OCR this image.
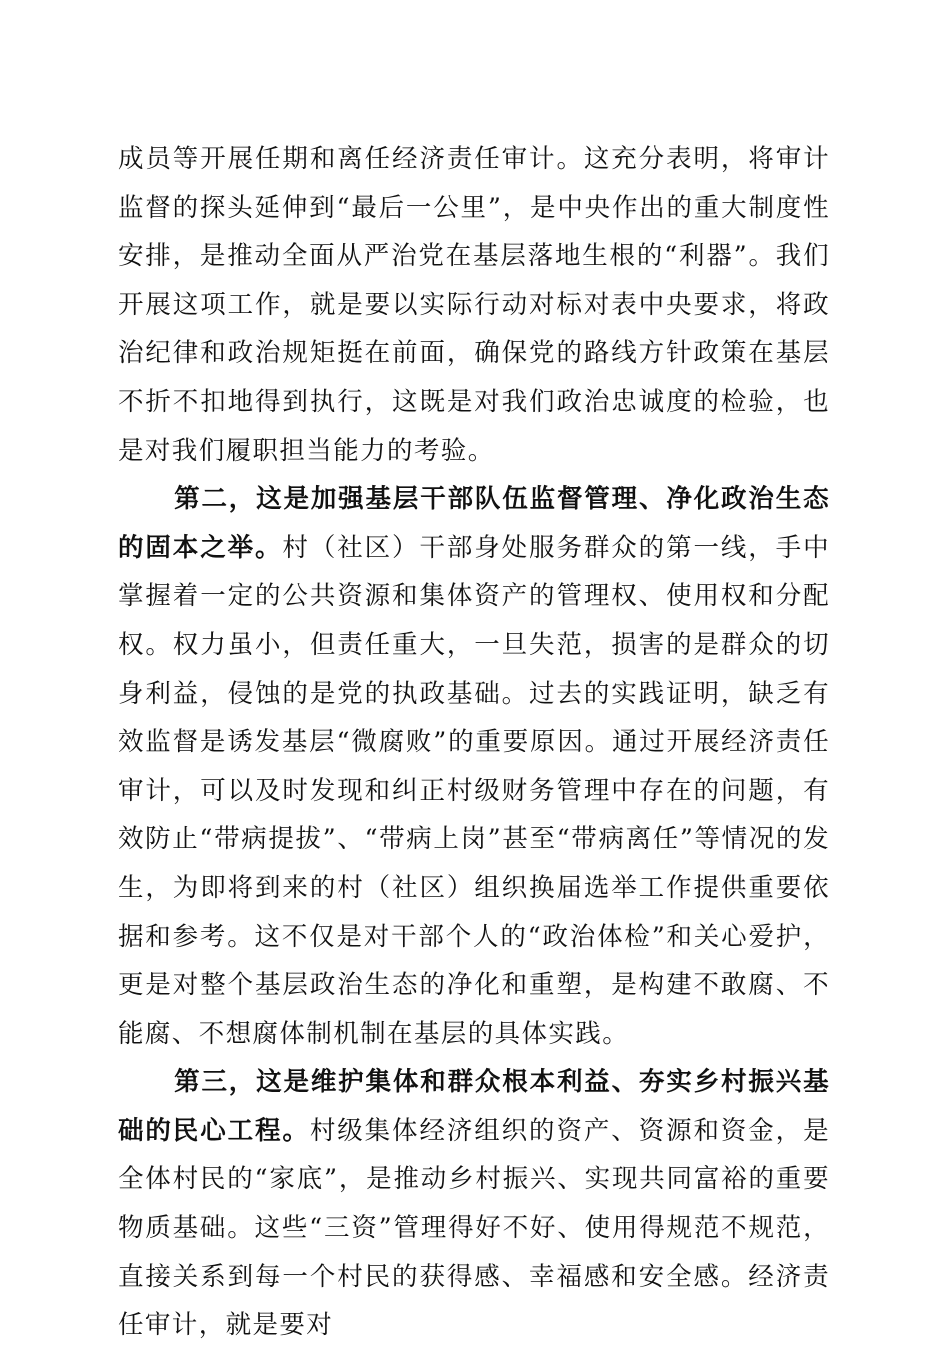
成员等开展任期和离任经济责任审计。这充分表明，将审计监督的探头延伸到“最后一公里”，是中央作出的重大制度性安排，是推动全面从严治党在基层落地生根的“利器”。我们开展这项工作，就是要以实际行动对标对表中央要求，将政治纪律和政治规矩挺在前面，确保党的路线方针政策在基层不折不扣地得到执行，这既是对我们政治忠诚度的检验，也是对我们履职担当能力的考验。

第二，这是加强基层干部队伍监督管理、净化政治生态的固本之举。村（社区）干部身处服务群众的第一线，手中掌握着一定的公共资源和集体资产的管理权、使用权和分配权。权力虽小，但责任重大，一旦失范，损害的是群众的切身利益，侵蚀的是党的执政基础。过去的实践证明，缺乏有效监督是诱发基层“微腐败”的重要原因。通过开展经济责任审计，可以及时发现和纠正村级财务管理中存在的问题，有效防止“带病提拔”、“带病上岗”甚至“带病离任”等情况的发生，为即将到来的村（社区）组织换届选举工作提供重要依据和参考。这不仅是对干部个人的“政治体检”和关心爱护，更是对整个基层政治生态的净化和重塑，是构建不敢腐、不能腐、不想腐体制机制在基层的具体实践。

第三，这是维护集体和群众根本利益、夯实乡村振兴基础的民心工程。村级集体经济组织的资产、资源和资金，是全体村民的“家底”，是推动乡村振兴、实现共同富裕的重要物质基础。这些“三资”管理得好不好、使用得规范不规范，直接关系到每一个村民的获得感、幸福感和安全感。经济责任审计，就是要对
